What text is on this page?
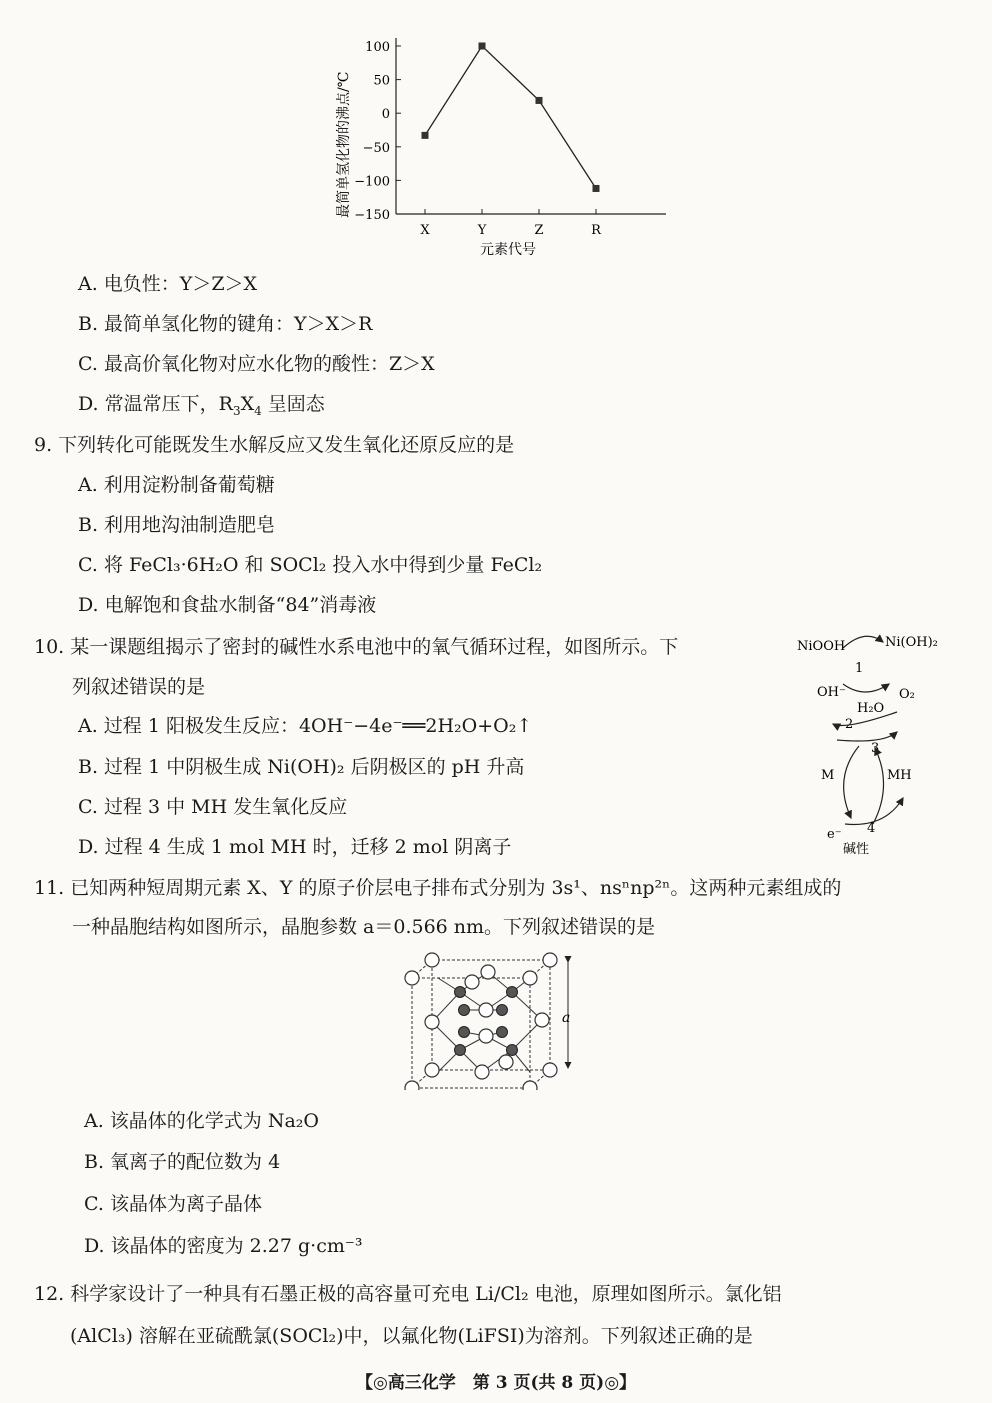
最简单氢化物的沸点/℃
100
50
0
−50
−100
−150
X	Y	Z	R
元素代号
A. 电负性：Y＞Z＞X
B. 最简单氢化物的键角：Y＞X＞R
C. 最高价氧化物对应水化物的酸性：Z＞X
D. 常温常压下，$R_3X_4$ 呈固态
9. 下列转化可能既发生水解反应又发生氧化还原反应的是
A. 利用淀粉制备葡萄糖
B. 利用地沟油制造肥皂
C. 将 FeCl₃·6H₂O 和 SOCl₂ 投入水中得到少量 FeCl₂
D. 电解饱和食盐水制备“84”消毒液
10. 某一课题组揭示了密封的碱性水系电池中的氧气循环过程，如图所示。下
列叙述错误的是
A. 过程 1 阳极发生反应：4OH⁻−4e⁻══2H₂O+O₂↑
B. 过程 1 中阴极生成 Ni(OH)₂ 后阴极区的 pH 升高
C. 过程 3 中 MH 发生氧化反应
D. 过程 4 生成 1 mol MH 时，迁移 2 mol 阴离子
NiOOH	Ni(OH)₂
1
OH⁻	O₂
H₂O
2
3
M	MH
e⁻ 4
碱性
11. 已知两种短周期元素 X、Y 的原子价层电子排布式分别为 3s¹、nsⁿnp²ⁿ。这两种元素组成的
一种晶胞结构如图所示，晶胞参数 a＝0.566 nm。下列叙述错误的是
a
A. 该晶体的化学式为 Na₂O
B. 氧离子的配位数为 4
C. 该晶体为离子晶体
D. 该晶体的密度为 2.27 g·cm⁻³
12. 科学家设计了一种具有石墨正极的高容量可充电 Li/Cl₂ 电池，原理如图所示。氯化铝
(AlCl₃) 溶解在亚硫酰氯(SOCl₂)中，以氟化物(LiFSI)为溶剂。下列叙述正确的是
【◎高三化学　第 3 页(共 8 页)◎】
